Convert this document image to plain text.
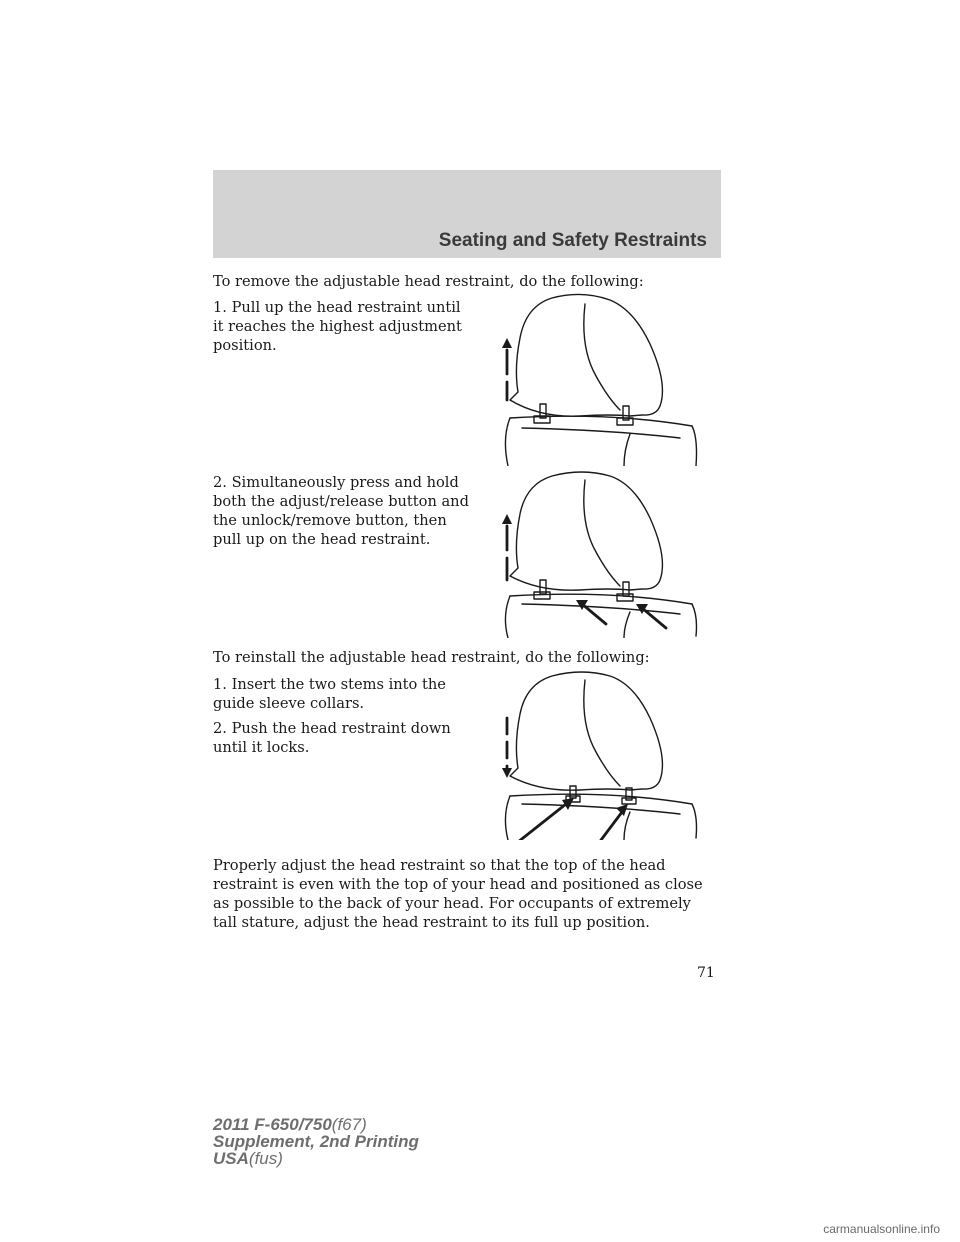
Seating and Safety Restraints

To remove the adjustable head restraint, do the following:

1. Pull up the head restraint until it reaches the highest adjustment position.

2. Simultaneously press and hold both the adjust/release button and the unlock/remove button, then pull up on the head restraint.

To reinstall the adjustable head restraint, do the following:

1. Insert the two stems into the guide sleeve collars.

2. Push the head restraint down until it locks.

Properly adjust the head restraint so that the top of the head restraint is even with the top of your head and positioned as close as possible to the back of your head. For occupants of extremely tall stature, adjust the head restraint to its full up position.

71

2011 F-650/750(f67)
Supplement, 2nd Printing
USA(fus)
carmanualsonline.info
